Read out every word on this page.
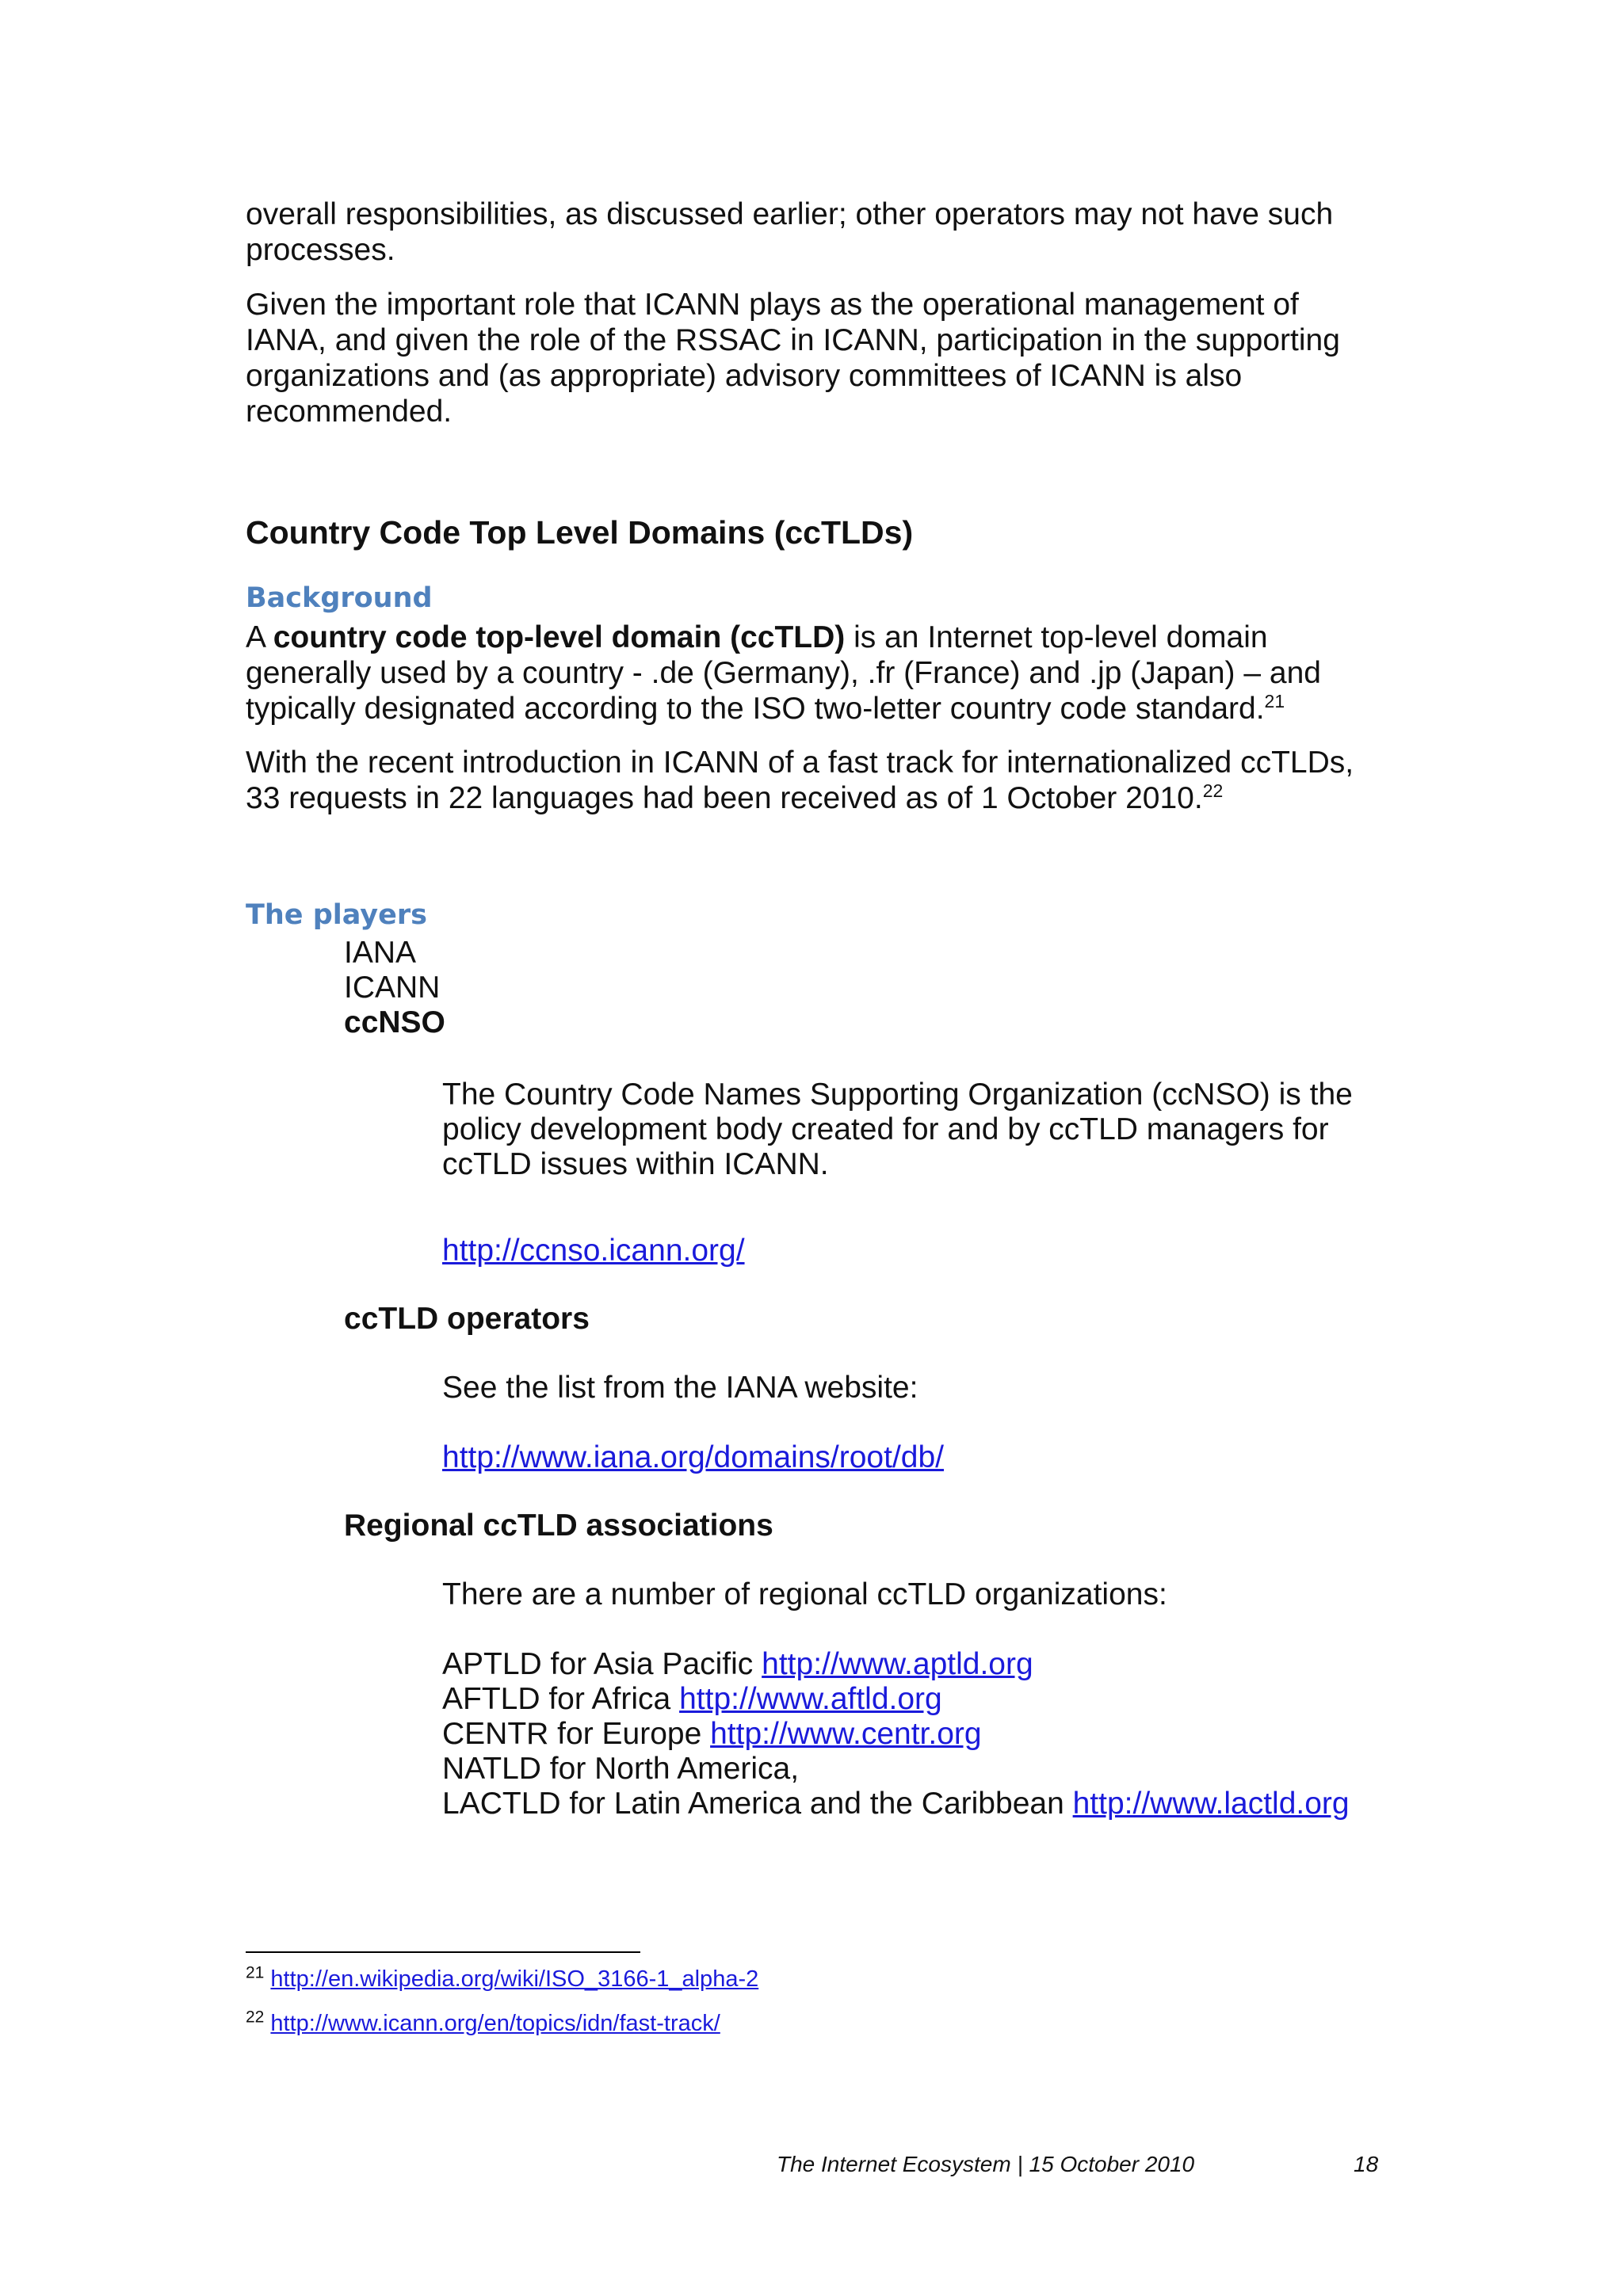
overall responsibilities, as discussed earlier; other operators may not have such processes.

Given the important role that ICANN plays as the operational management of IANA, and given the role of the RSSAC in ICANN, participation in the supporting organizations and (as appropriate) advisory committees of ICANN is also recommended.

Country Code Top Level Domains (ccTLDs)
Background

A country code top-level domain (ccTLD) is an Internet top-level domain generally used by a country - .de (Germany), .fr (France) and .jp (Japan) – and typically designated according to the ISO two-letter country code standard.$^{21}$

With the recent introduction in ICANN of a fast track for internationalized ccTLDs, 33 requests in 22 languages had been received as of 1 October 2010.22

The players
IANA
ICANN
ccNSO
The Country Code Names Supporting Organization (ccNSO) is the policy development body created for and by ccTLD managers for ccTLD issues within ICANN.
http://ccnso.icann.org/
ccTLD operators
See the list from the IANA website:
http://www.iana.org/domains/root/db/
Regional ccTLD associations
There are a number of regional ccTLD organizations:
APTLD for Asia Pacific http://www.aptld.org
AFTLD for Africa http://www.aftld.org
CENTR for Europe http://www.centr.org
NATLD for North America,
LACTLD for Latin America and the Caribbean http://www.lactld.org
$^{21}$ http://en.wikipedia.org/wiki/ISO_3166-1_alpha-2
$^{22}$ http://www.icann.org/en/topics/idn/fast-track/
The Internet Ecosystem | 15 October 2010	18
